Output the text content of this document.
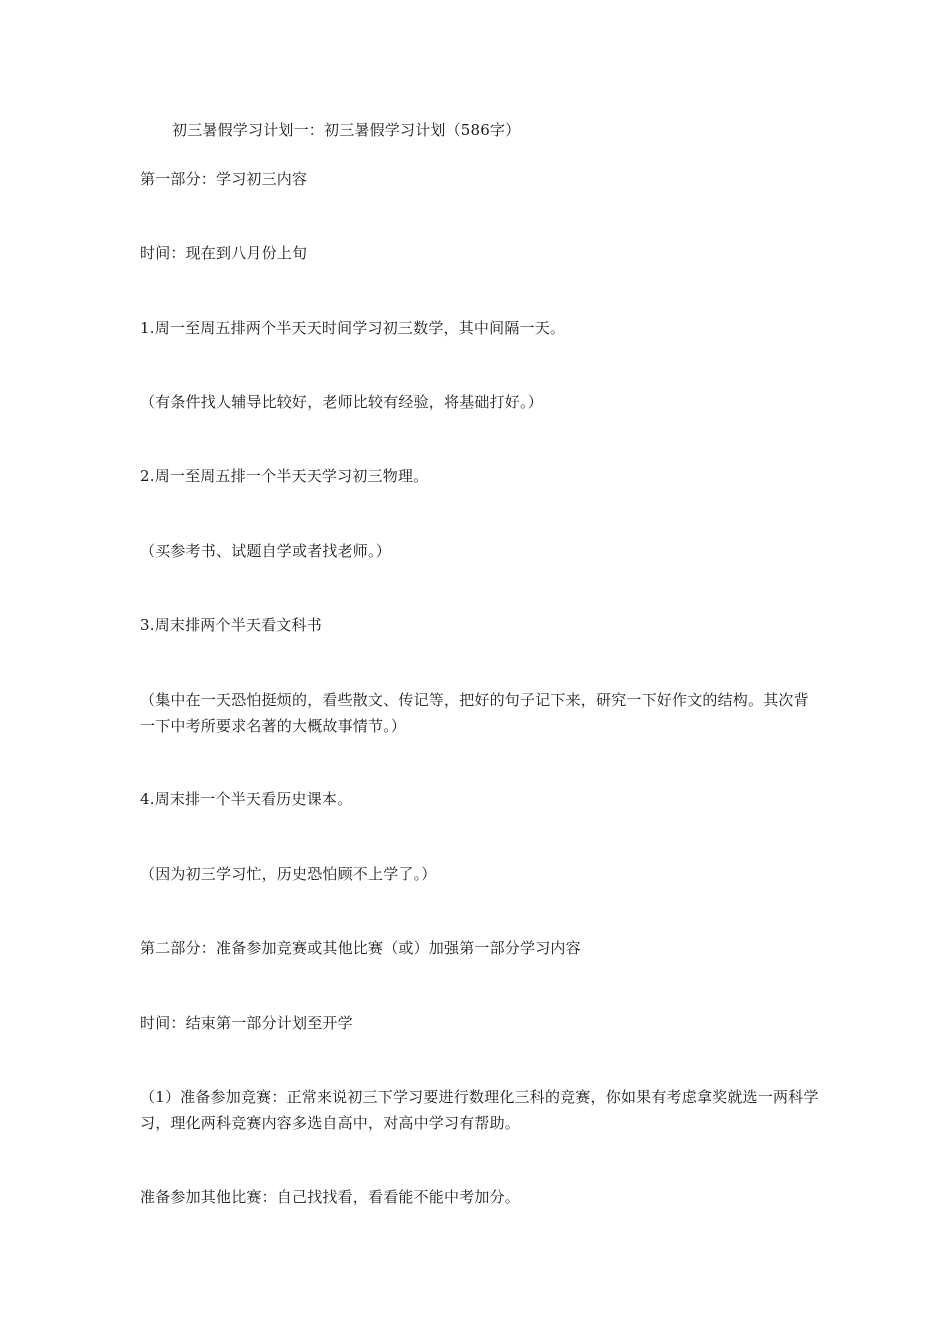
初三暑假学习计划一：初三暑假学习计划（586字）
第一部分：学习初三内容
时间：现在到八月份上旬
1.周一至周五排两个半天天时间学习初三数学，其中间隔一天。
（有条件找人辅导比较好，老师比较有经验，将基础打好。）
2.周一至周五排一个半天天学习初三物理。
（买参考书、试题自学或者找老师。）
3.周末排两个半天看文科书
（集中在一天恐怕挺烦的，看些散文、传记等，把好的句子记下来，研究一下好作文的结构。其次背一下中考所要求名著的大概故事情节。）
4.周末排一个半天看历史课本。
（因为初三学习忙，历史恐怕顾不上学了。）
第二部分：准备参加竞赛或其他比赛（或）加强第一部分学习内容
时间：结束第一部分计划至开学
（1）准备参加竞赛：正常来说初三下学习要进行数理化三科的竞赛，你如果有考虑拿奖就选一两科学习，理化两科竞赛内容多选自高中，对高中学习有帮助。
准备参加其他比赛：自己找找看，看看能不能中考加分。
